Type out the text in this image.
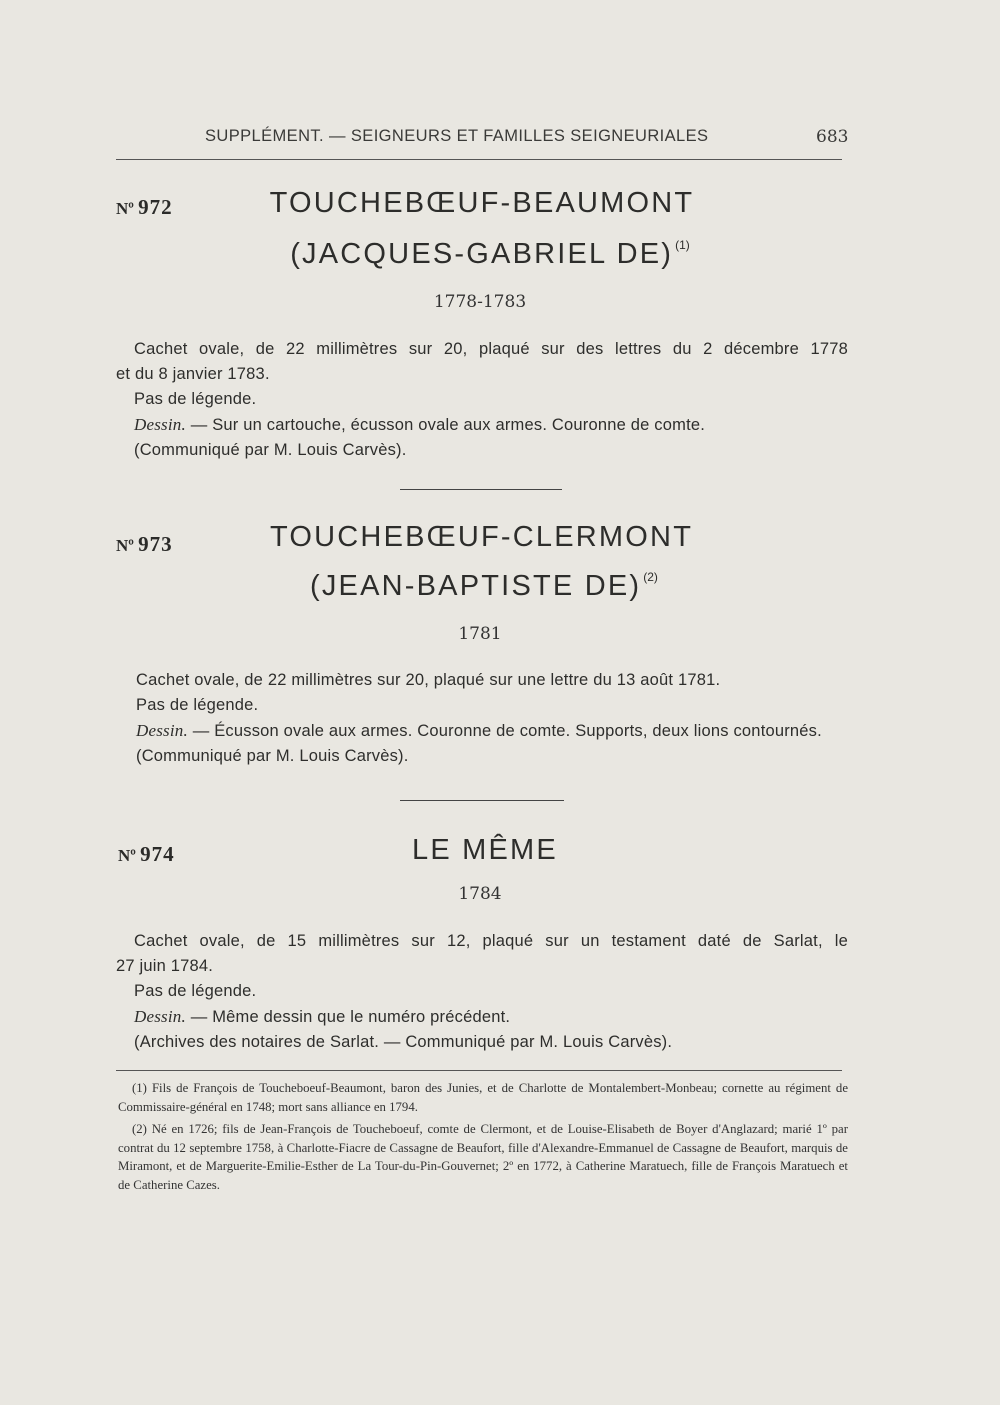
SUPPLÉMENT. — SEIGNEURS ET FAMILLES SEIGNEURIALES	683
Nº 972	TOUCHEBŒUF-BEAUMONT
(JACQUES-GABRIEL DE) $^{(1)}$
1778-1783

Cachet ovale, de 22 millimètres sur 20, plaqué sur des lettres du 2 décembre 1778

et du 8 janvier 1783.

Pas de légende.

Dessin. — Sur un cartouche, écusson ovale aux armes. Couronne de comte.

(Communiqué par M. Louis Carvès).

Nº 973	TOUCHEBŒUF-CLERMONT
(JEAN-BAPTISTE DE) $^{(2)}$
1781

Cachet ovale, de 22 millimètres sur 20, plaqué sur une lettre du 13 août 1781.

Pas de légende.

Dessin. — Écusson ovale aux armes. Couronne de comte. Supports, deux lions contournés.

(Communiqué par M. Louis Carvès).

Nº 974	LE MÊME
1784

Cachet ovale, de 15 millimètres sur 12, plaqué sur un testament daté de Sarlat, le

27 juin 1784.

Pas de légende.

Dessin. — Même dessin que le numéro précédent.

(Archives des notaires de Sarlat. — Communiqué par M. Louis Carvès).

(1) Fils de François de Toucheboeuf-Beaumont, baron des Junies, et de Charlotte de Montalembert-Monbeau; cornette au régiment de Commissaire-général en 1748; mort sans alliance en 1794.

(2) Né en 1726; fils de Jean-François de Toucheboeuf, comte de Clermont, et de Louise-Elisabeth de Boyer d'Anglazard; marié 1º par contrat du 12 septembre 1758, à Charlotte-Fiacre de Cassagne de Beaufort, fille d'Alexandre-Emmanuel de Cassagne de Beaufort, marquis de Miramont, et de Marguerite-Emilie-Esther de La Tour-du-Pin-Gouvernet; 2º en 1772, à Catherine Maratuech, fille de François Maratuech et de Catherine Cazes.
